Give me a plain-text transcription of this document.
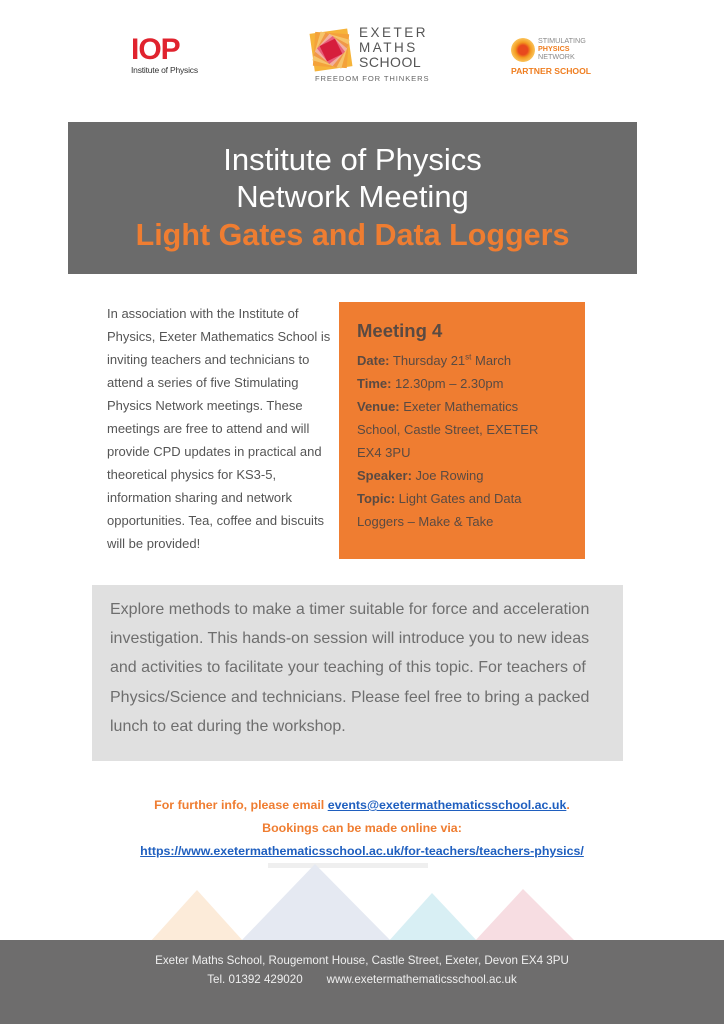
IOP
Institute of Physics
EXETER
MATHS
SCHOOL
FREEDOM FOR THINKERS
STIMULATING
PHYSICS
NETWORK
PARTNER SCHOOL
Institute of Physics
Network Meeting
Light Gates and Data Loggers
In association with the Institute of Physics, Exeter Mathematics School is inviting teachers and technicians to attend a series of five Stimulating Physics Network meetings. These meetings are free to attend and will provide CPD updates in practical and theoretical physics for KS3-5, information sharing and network opportunities. Tea, coffee and biscuits will be provided!
Meeting 4
Date: Thursday 21st March
Time: 12.30pm – 2.30pm
Venue: Exeter Mathematics
School, Castle Street, EXETER
EX4 3PU
Speaker: Joe Rowing
Topic: Light Gates and Data
Loggers – Make & Take
Explore methods to make a timer suitable for force and acceleration investigation. This hands-on session will introduce you to new ideas and activities to facilitate your teaching of this topic. For teachers of Physics/Science and technicians. Please feel free to bring a packed lunch to eat during the workshop.
For further info, please email events@exetermathematicsschool.ac.uk.
Bookings can be made online via:
https://www.exetermathematicsschool.ac.uk/for-teachers/teachers-physics/
Exeter Maths School, Rougemont House, Castle Street, Exeter, Devon EX4 3PU
Tel. 01392 429020 www.exetermathematicsschool.ac.uk
